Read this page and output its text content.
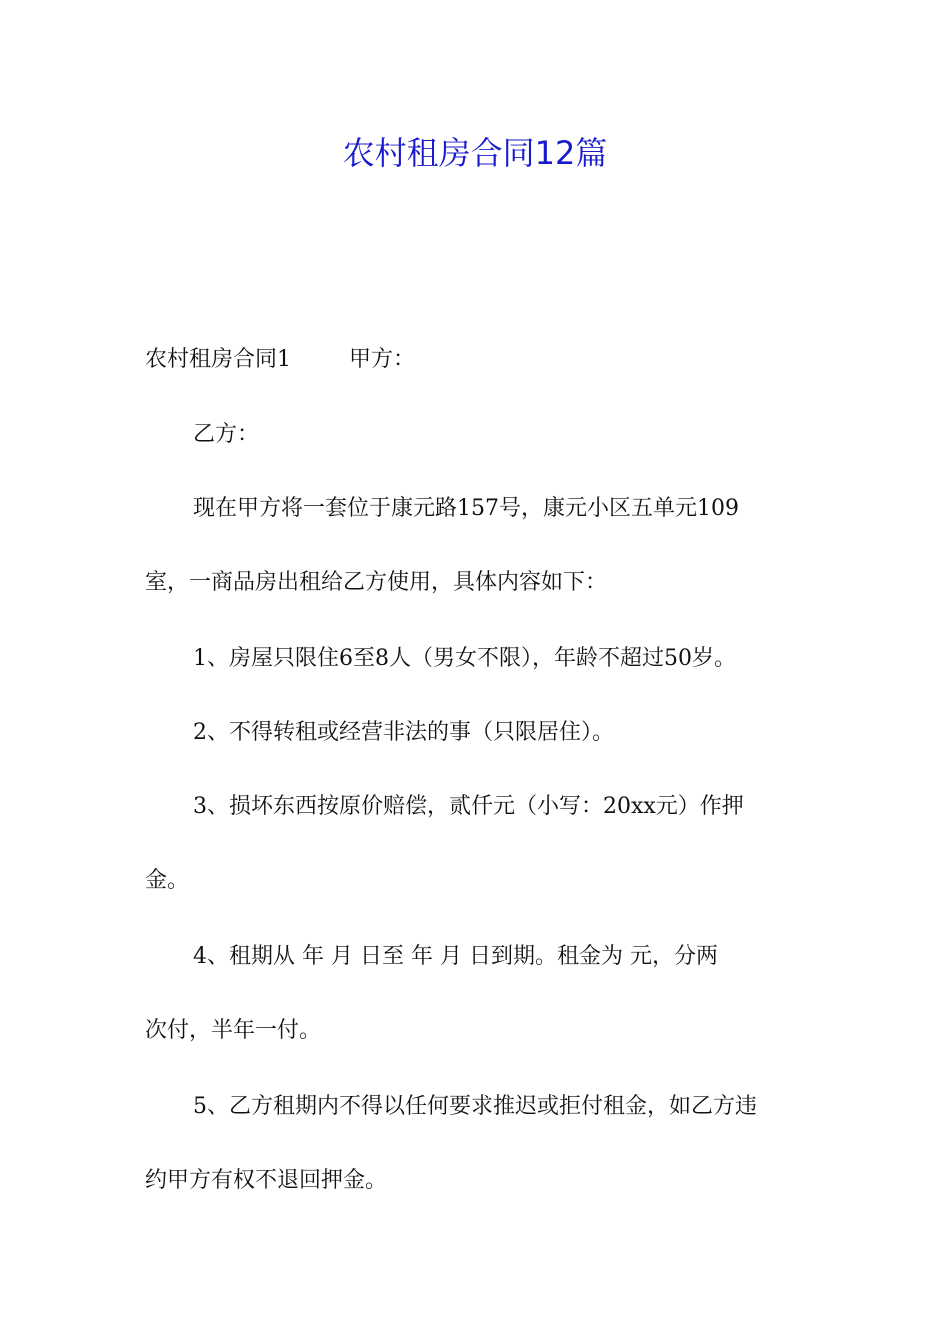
农村租房合同12篇
农村租房合同1	甲方：
乙方：
现在甲方将一套位于康元路157号，康元小区五单元109
室，一商品房出租给乙方使用，具体内容如下：
1、房屋只限住6至8人（男女不限），年龄不超过50岁。
2、不得转租或经营非法的事（只限居住）。
3、损坏东西按原价赔偿，贰仟元（小写：20xx元）作押
金。
4、租期从 年 月 日至 年 月 日到期。租金为 元，分两
次付，半年一付。
5、乙方租期内不得以任何要求推迟或拒付租金，如乙方违
约甲方有权不退回押金。
